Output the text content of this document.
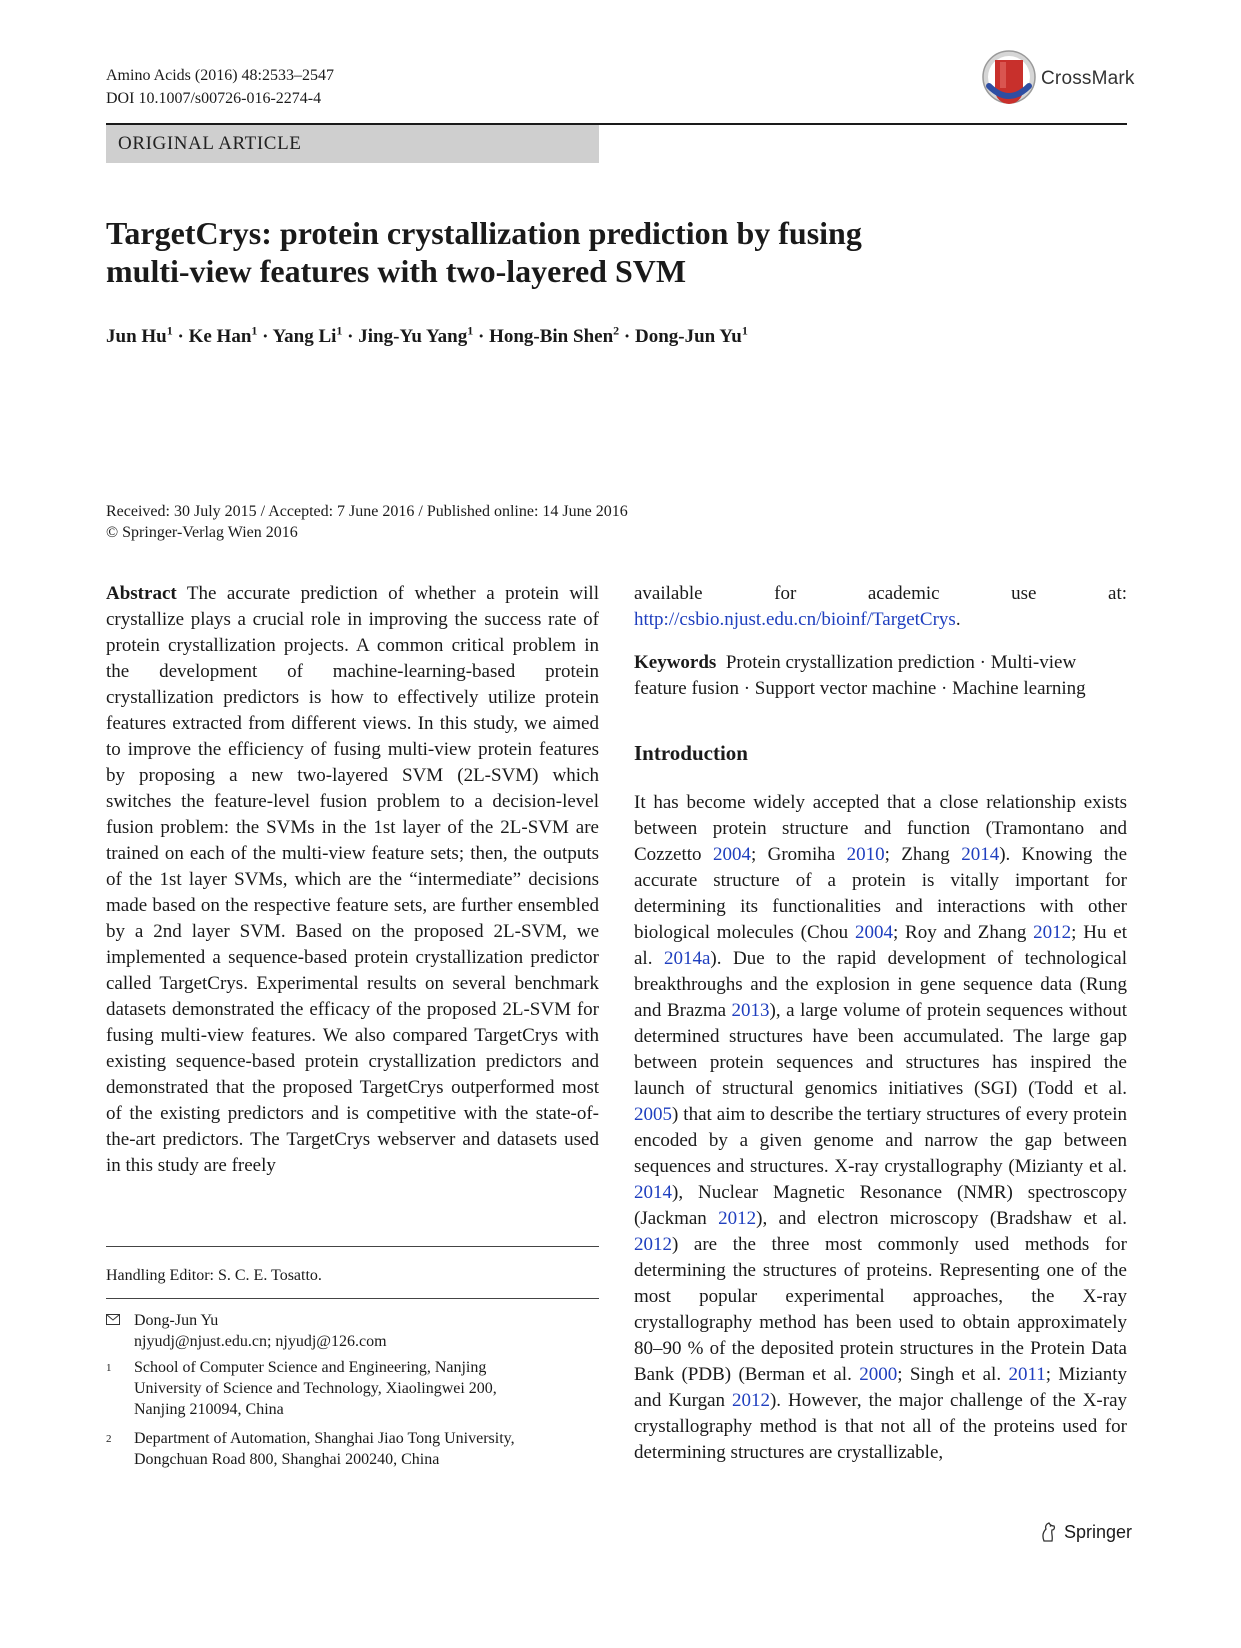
Amino Acids (2016) 48:2533–2547
DOI 10.1007/s00726-016-2274-4
CrossMark
ORIGINAL ARTICLE
TargetCrys: protein crystallization prediction by fusing
multi-view features with two-layered SVM
Jun $Hu^1 \cdot Ke$ Han$^1$ · Yang $Li^1$ · Jing-Yu Yang$^1$ · Hong-Bin Shen$^2$ · Dong-Jun Yu$^1$
Received: 30 July 2015 / Accepted: 7 June 2016 / Published online: 14 June 2016
© Springer-Verlag Wien 2016

Abstract The accurate prediction of whether a protein will crystallize plays a crucial role in improving the success rate of protein crystallization projects. A common critical problem in the development of machine-learning-based protein crystallization predictors is how to effectively utilize protein features extracted from different views. In this study, we aimed to improve the efficiency of fusing multi-view protein features by proposing a new two-layered SVM (2L-SVM) which switches the feature-level fusion problem to a decision-level fusion problem: the SVMs in the 1st layer of the 2L-SVM are trained on each of the multi-view feature sets; then, the outputs of the 1st layer SVMs, which are the “intermediate” decisions made based on the respective feature sets, are further ensembled by a 2nd layer SVM. Based on the proposed 2L-SVM, we implemented a sequence-based protein crystallization predictor called TargetCrys. Experimental results on several benchmark datasets demonstrated the efficacy of the proposed 2L-SVM for fusing multi-view features. We also compared TargetCrys with existing sequence-based protein crystallization predictors and demonstrated that the proposed TargetCrys outperformed most of the existing predictors and is competitive with the state-of-the-art predictors. The TargetCrys webserver and datasets used in this study are freely

available for academic use at: http://csbio.njust.edu.cn/bioinf/TargetCrys.

Keywords Protein crystallization prediction · Multi-view feature fusion · Support vector machine · Machine learning

Introduction

It has become widely accepted that a close relationship exists between protein structure and function (Tramontano and Cozzetto 2004; Gromiha 2010; Zhang 2014). Knowing the accurate structure of a protein is vitally important for determining its functionalities and interactions with other biological molecules (Chou 2004; Roy and Zhang 2012; Hu et al. 2014a). Due to the rapid development of technological breakthroughs and the explosion in gene sequence data (Rung and Brazma 2013), a large volume of protein sequences without determined structures have been accumulated. The large gap between protein sequences and structures has inspired the launch of structural genomics initiatives (SGI) (Todd et al. 2005) that aim to describe the tertiary structures of every protein encoded by a given genome and narrow the gap between sequences and structures. X-ray crystallography (Mizianty et al. 2014), Nuclear Magnetic Resonance (NMR) spectroscopy (Jackman 2012), and electron microscopy (Bradshaw et al. 2012) are the three most commonly used methods for determining the structures of proteins. Representing one of the most popular experimental approaches, the X-ray crystallography method has been used to obtain approximately 80–90 % of the deposited protein structures in the Protein Data Bank (PDB) (Berman et al. 2000; Singh et al. 2011; Mizianty and Kurgan 2012). However, the major challenge of the X-ray crystallography method is that not all of the proteins used for determining structures are crystallizable,

Handling Editor: S. C. E. Tosatto.
Dong-Jun Yu
njyudj@njust.edu.cn; njyudj@126.com
1	School of Computer Science and Engineering, Nanjing
University of Science and Technology, Xiaolingwei 200,
Nanjing 210094, China
2	Department of Automation, Shanghai Jiao Tong University,
Dongchuan Road 800, Shanghai 200240, China
Springer
